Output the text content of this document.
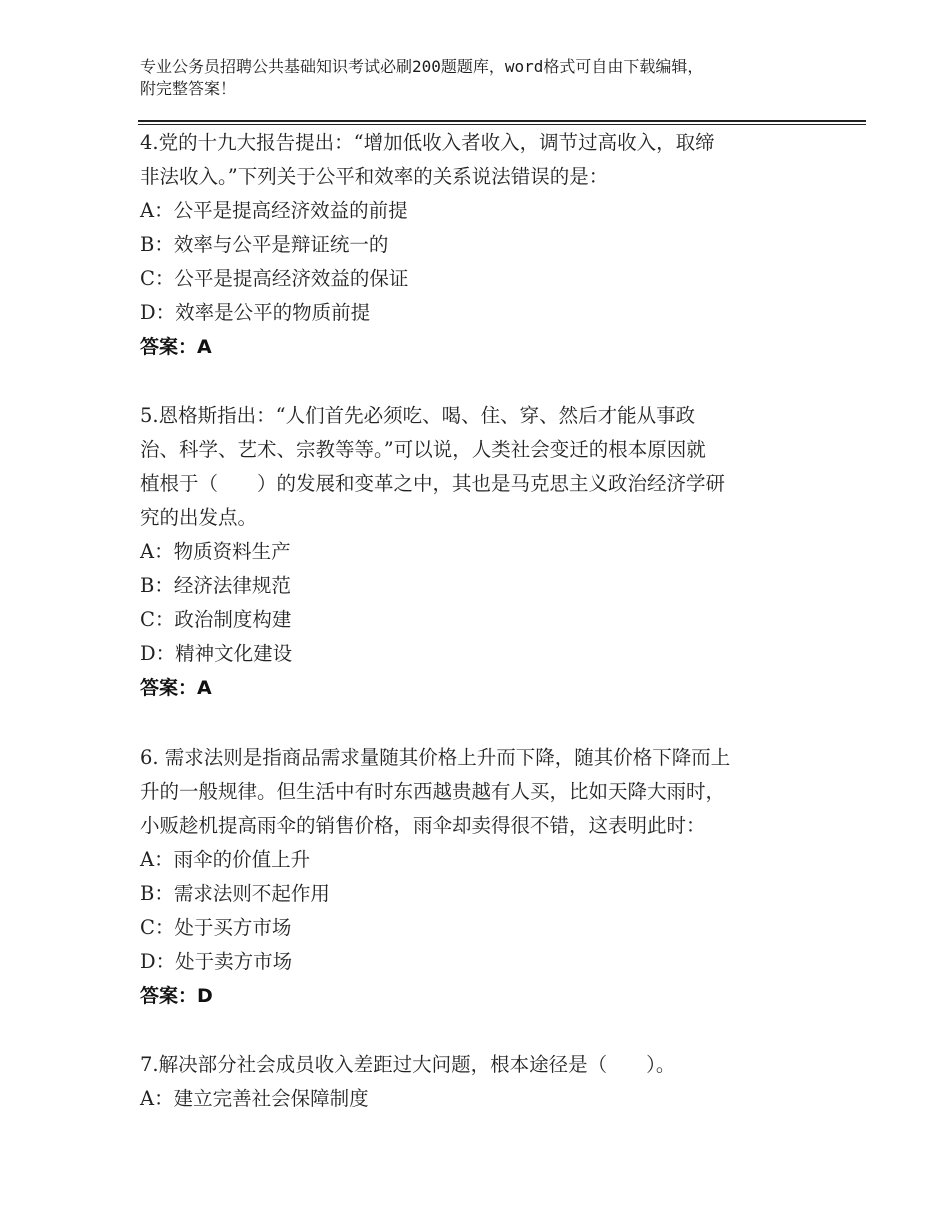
专业公务员招聘公共基础知识考试必刷200题题库，word格式可自由下载编辑，
附完整答案！

4.党的十九大报告提出：“增加低收入者收入，调节过高收入，取缔

非法收入。”下列关于公平和效率的关系说法错误的是：

A：公平是提高经济效益的前提
B：效率与公平是辩证统一的
C：公平是提高经济效益的保证
D：效率是公平的物质前提

答案：A

5.恩格斯指出：“人们首先必须吃、喝、住、穿、然后才能从事政

治、科学、艺术、宗教等等。”可以说，人类社会变迁的根本原因就

植根于（　　）的发展和变革之中，其也是马克思主义政治经济学研

究的出发点。

A：物质资料生产
B：经济法律规范
C：政治制度构建
D：精神文化建设

答案：A

6. 需求法则是指商品需求量随其价格上升而下降，随其价格下降而上

升的一般规律。但生活中有时东西越贵越有人买，比如天降大雨时，

小贩趁机提高雨伞的销售价格，雨伞却卖得很不错，这表明此时：

A：雨伞的价值上升
B：需求法则不起作用
C：处于买方市场
D：处于卖方市场

答案：D

7.解决部分社会成员收入差距过大问题，根本途径是（　　）。

A：建立完善社会保障制度
